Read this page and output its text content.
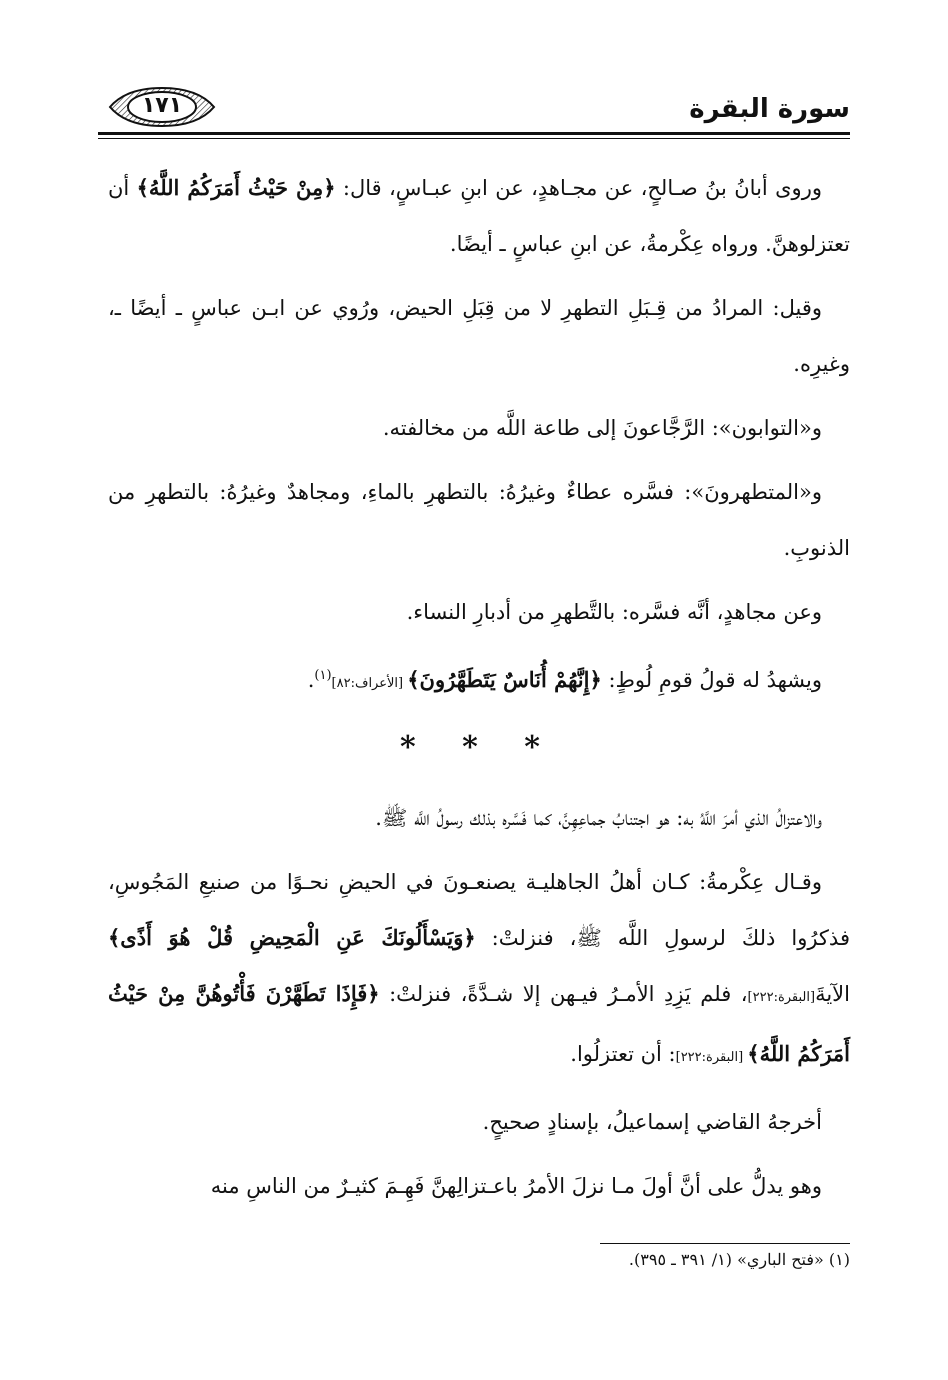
١٧١	سورة البقرة

وروى أبانُ بنُ صـالحٍ، عن مجـاهدٍ، عن ابنِ عبـاسٍ، قال: ﴿مِنْ حَيْثُ أَمَرَكُمُ اللَّهُ﴾ أن تعتزلوهنَّ. ورواه عِكْرمةُ، عن ابنِ عباسٍ ـ أيضًا.

وقيل: المرادُ من قِـبَلِ التطهرِ لا من قِبَلِ الحيض، ورُوي عن ابـن عباسٍ ـ أيضًا ـ، وغيرِه.

و«التوابون»: الرَّجَّاعونَ إلى طاعة اللَّه من مخالفته.

و«المتطهرونَ»: فسَّره عطاءٌ وغيرُهُ: بالتطهرِ بالماءِ، ومجاهدٌ وغيرُهُ: بالتطهرِ من الذنوبِ.

وعن مجاهدٍ، أنَّه فسَّره: بالتَّطهرِ من أدبارِ النساء.

ويشهدُ له قولُ قومِ لُوطٍ: ﴿إِنَّهُمْ أُنَاسٌ يَتَطَهَّرُونَ﴾ [الأعراف:٨٢]$^{(١)}$.

* * *

والاعتزالُ الذي أمرَ اللَّهُ به: هو اجتنابُ جماعِهِنَّ، كما فَسَّره بذلك رسولُ اللَّه ﷺ.

وقـال عِكْرمةُ: كـان أهلُ الجاهليـة يصنعـونَ في الحيضِ نحـوًا من صنيعِ المَجُوسِ، فذكرُوا ذلكَ لرسولِ اللَّه ﷺ، فنزلتْ: ﴿وَيَسْأَلُونَكَ عَنِ الْمَحِيضِ قُلْ هُوَ أَذًى﴾ الآيةَ[البقرة:٢٢٢]، فلم يَزِدِ الأمـرُ فيـهن إلا شـدَّةً، فنزلتْ: ﴿فَإِذَا تَطَهَّرْنَ فَأْتُوهُنَّ مِنْ حَيْثُ أَمَرَكُمُ اللَّهُ﴾ [البقرة:٢٢٢]: أن تعتزلُوا.

أخرجهُ القاضي إسماعيلُ، بإسنادٍ صحيحٍ.

وهو يدلُّ على أنَّ أولَ مـا نزلَ الأمرُ باعـتزالِهنَّ فَهِـمَ كثيـرٌ من الناسِ منه

(١) «فتح الباري» (١/ ٣٩١ ـ ٣٩٥).
